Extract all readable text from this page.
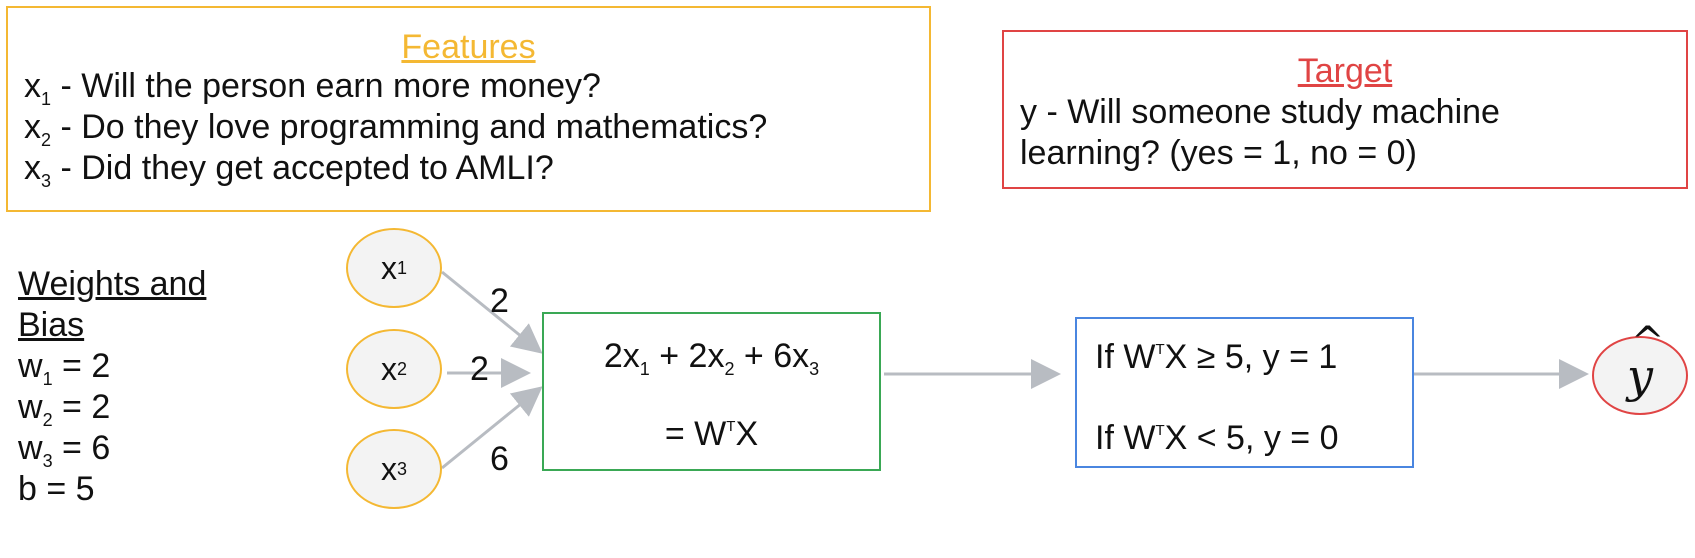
Features
$x_1$ - Will the person earn more money?
$x_2$ - Do they love programming and mathematics?
$x_3$ - Did they get accepted to AMLI?
Target
y - Will someone study machine
learning? (yes = 1, no = 0)
Weights and
Bias
$w_1 = 2$
$w_2 = 2$
$w_3 = 6$
b = 5
x 1
x 2
x 3
2
2
6
$2x_1 + 2x_2 + 6x_3$
= $W^TX$
If $W^TX \ge 5$, y = 1
If $W^TX < 5$, y = 0
^
y
